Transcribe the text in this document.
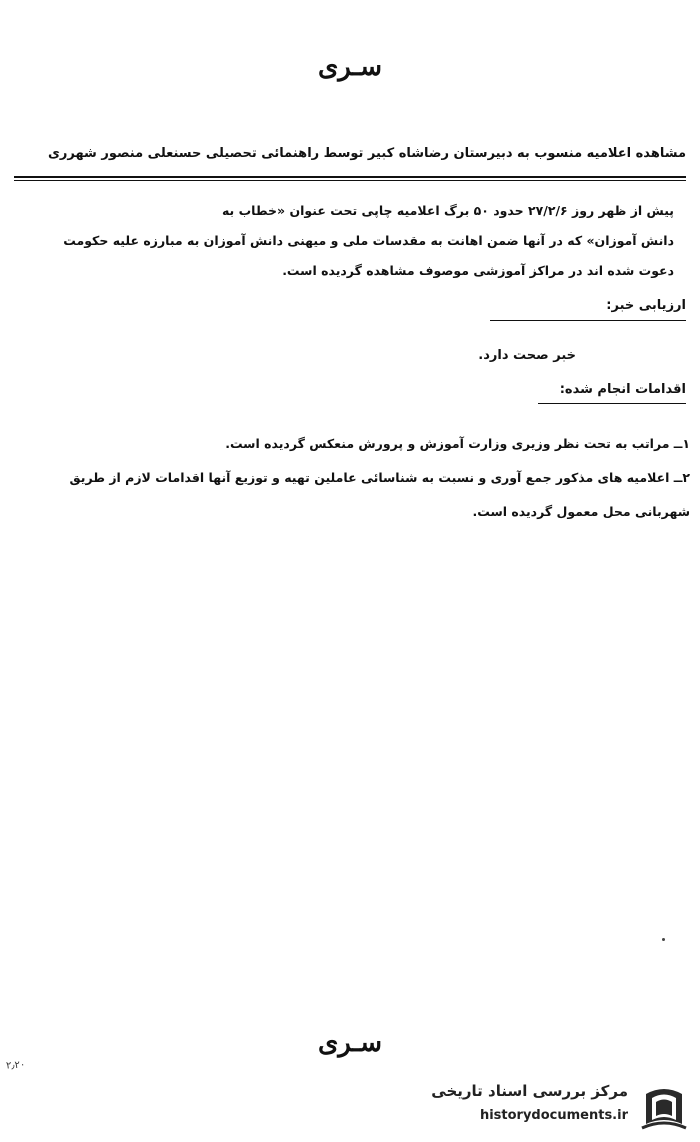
سـری
مشاهده اعلامیه منسوب به دبیرستان رضاشاه کبیر توسط راهنمائی تحصیلی حسنعلی منصور شهرری
پیش از ظهر روز ۲۷/۲/۶ حدود ۵۰ برگ اعلامیه چاپی تحت عنوان «خطاب به
دانش آموزان» که در آنها ضمن اهانت به مقدسات ملی و میهنی دانش آموزان به مبارزه علیه حکومت
دعوت شده اند در مراکز آموزشی موصوف مشاهده گردیده است.
ارزیابی خبر:
خبر صحت دارد.
اقدامات انجام شده:
۱ــ مراتب به تحت نظر وزیری وزارت آموزش و پرورش منعکس گردیده است.
۲ــ اعلامیه های مذکور جمع آوری و نسبت به شناسائی عاملین تهیه و توزیع آنها اقدامات لازم از طریق
شهربانی محل معمول گردیده است.
سـری
۲٫۲۰
مرکز بررسی اسناد تاریخی
historydocuments.ir
